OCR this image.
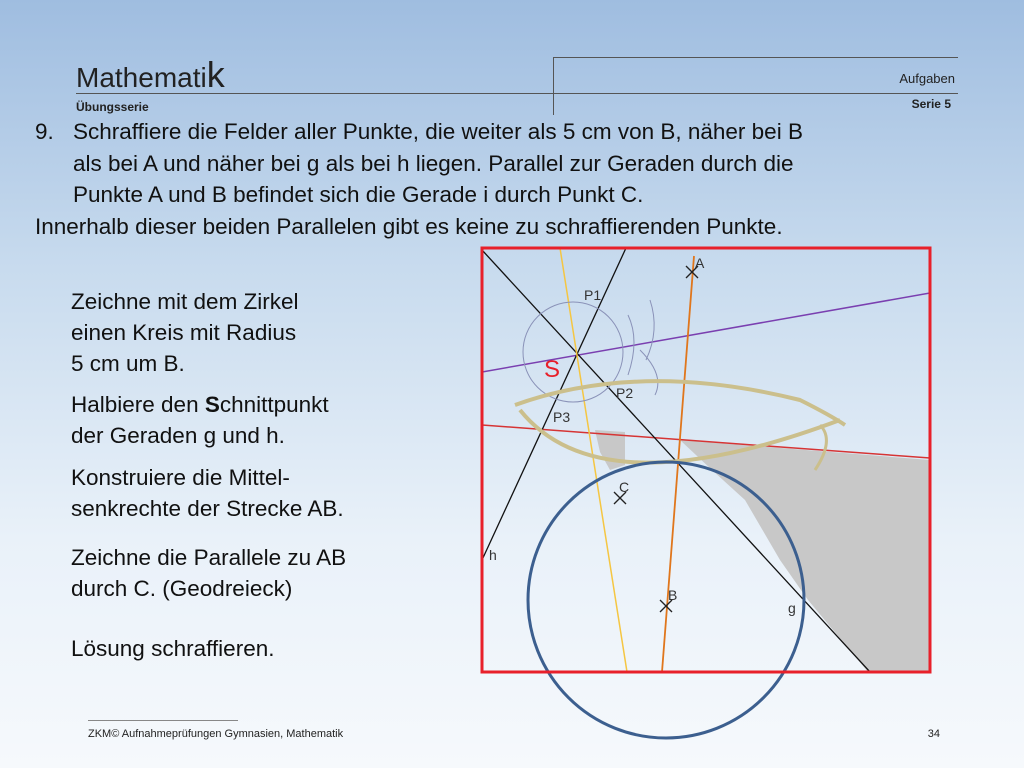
Mathematik
Übungsserie
Aufgaben
Serie 5
9. Schraffiere die Felder aller Punkte, die weiter als 5 cm von B, näher bei B
als bei A und näher bei g als bei h liegen. Parallel zur Geraden durch die
Punkte A und B befindet sich die Gerade i durch Punkt C.
Innerhalb dieser beiden Parallelen gibt es keine zu schraffierenden Punkte.
Zeichne mit dem Zirkel
einen Kreis mit Radius
5 cm um B.
Halbiere den Schnittpunkt
der Geraden g und h.
Konstruiere die Mittel-
senkrechte der Strecke AB.
Zeichne die Parallele zu AB
durch C. (Geodreieck)
Lösung schraffieren.
A
P1
S
P2
P3
C
h
B
g
ZKM© Aufnahmeprüfungen Gymnasien, Mathematik	34
